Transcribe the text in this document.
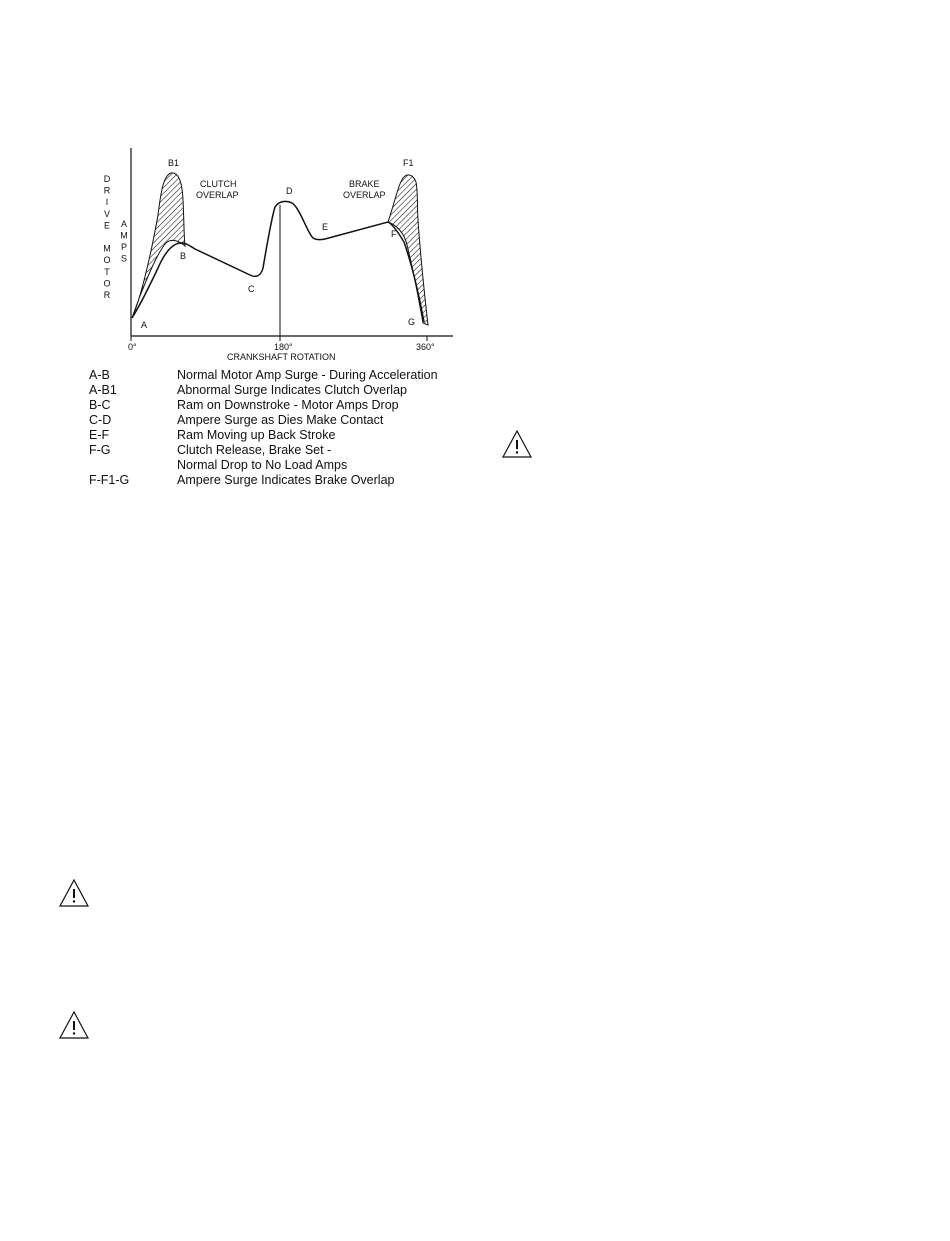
A
B
B1
C
D
E
F
F1
G
CLUTCH
OVERLAP
BRAKE
OVERLAP
0°	180°	360°
CRANKSHAFT ROTATION
D R I V E M O T O R
A M P S
A-B	Normal Motor Amp Surge - During Acceleration
A-B1	Abnormal Surge Indicates Clutch Overlap
B-C	Ram on Downstroke - Motor Amps Drop
C-D	Ampere Surge as Dies Make Contact
E-F	Ram Moving up Back Stroke
F-G	Clutch Release, Brake Set -
Normal Drop to No Load Amps
F-F1-G	Ampere Surge Indicates Brake Overlap
